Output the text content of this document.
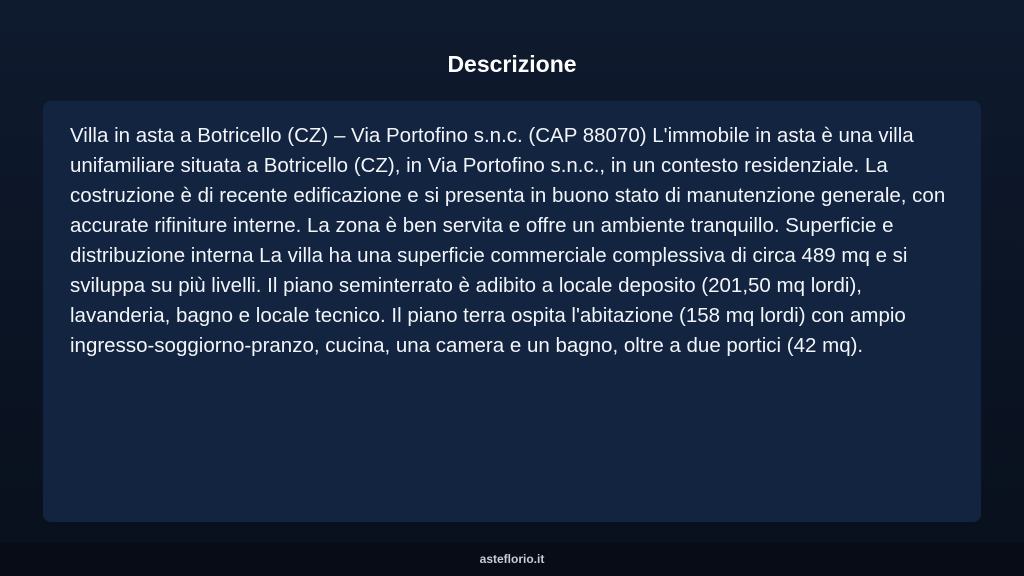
Descrizione

Villa in asta a Botricello (CZ) – Via Portofino s.n.c. (CAP 88070) L'immobile in asta è una villa unifamiliare situata a Botricello (CZ), in Via Portofino s.n.c., in un contesto residenziale. La costruzione è di recente edificazione e si presenta in buono stato di manutenzione generale, con accurate rifiniture interne. La zona è ben servita e offre un ambiente tranquillo. Superficie e distribuzione interna La villa ha una superficie commerciale complessiva di circa 489 mq e si sviluppa su più livelli. Il piano seminterrato è adibito a locale deposito (201,50 mq lordi), lavanderia, bagno e locale tecnico. Il piano terra ospita l'abitazione (158 mq lordi) con ampio ingresso-soggiorno-pranzo, cucina, una camera e un bagno, oltre a due portici (42 mq).

asteflorio.it
